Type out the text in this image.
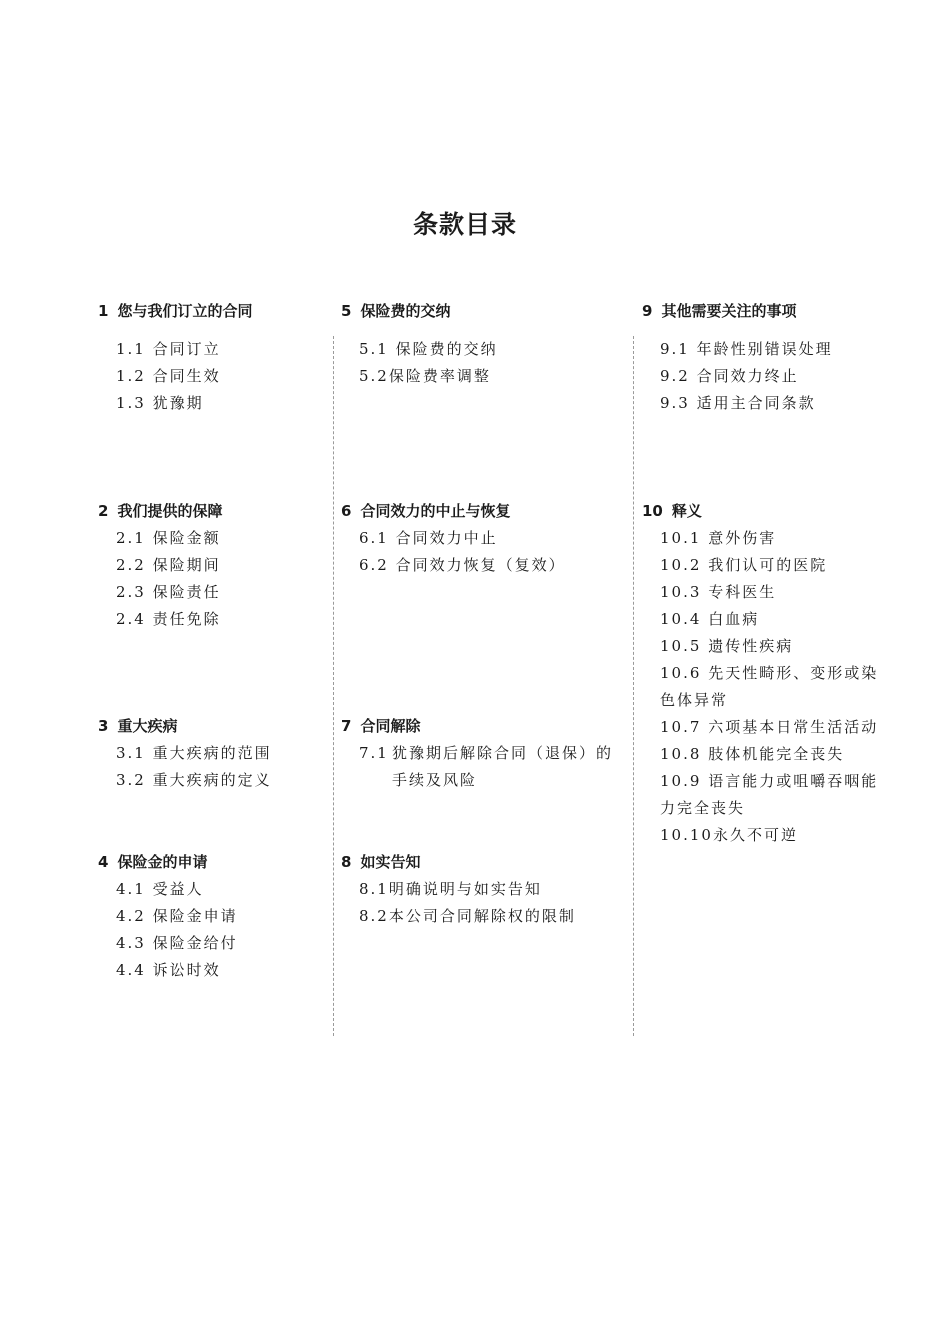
条款目录
1 您与我们订立的合同
1.1 合同订立
1.2 合同生效
1.3 犹豫期
2 我们提供的保障
2.1 保险金额
2.2 保险期间
2.3 保险责任
2.4 责任免除
3 重大疾病
3.1 重大疾病的范围
3.2 重大疾病的定义
4 保险金的申请
4.1 受益人
4.2 保险金申请
4.3 保险金给付
4.4 诉讼时效
5 保险费的交纳
5.1 保险费的交纳
5.2保险费率调整
6 合同效力的中止与恢复
6.1 合同效力中止
6.2 合同效力恢复（复效）
7 合同解除
7.1 犹豫期后解除合同（退保）的手续及风险
8 如实告知
8.1明确说明与如实告知
8.2本公司合同解除权的限制
9 其他需要关注的事项
9.1 年龄性别错误处理
9.2 合同效力终止
9.3 适用主合同条款
10 释义
10.1 意外伤害
10.2 我们认可的医院
10.3 专科医生
10.4 白血病
10.5 遗传性疾病
10.6 先天性畸形、变形或染色体异常
10.7 六项基本日常生活活动
10.8 肢体机能完全丧失
10.9 语言能力或咀嚼吞咽能力完全丧失
10.10永久不可逆
